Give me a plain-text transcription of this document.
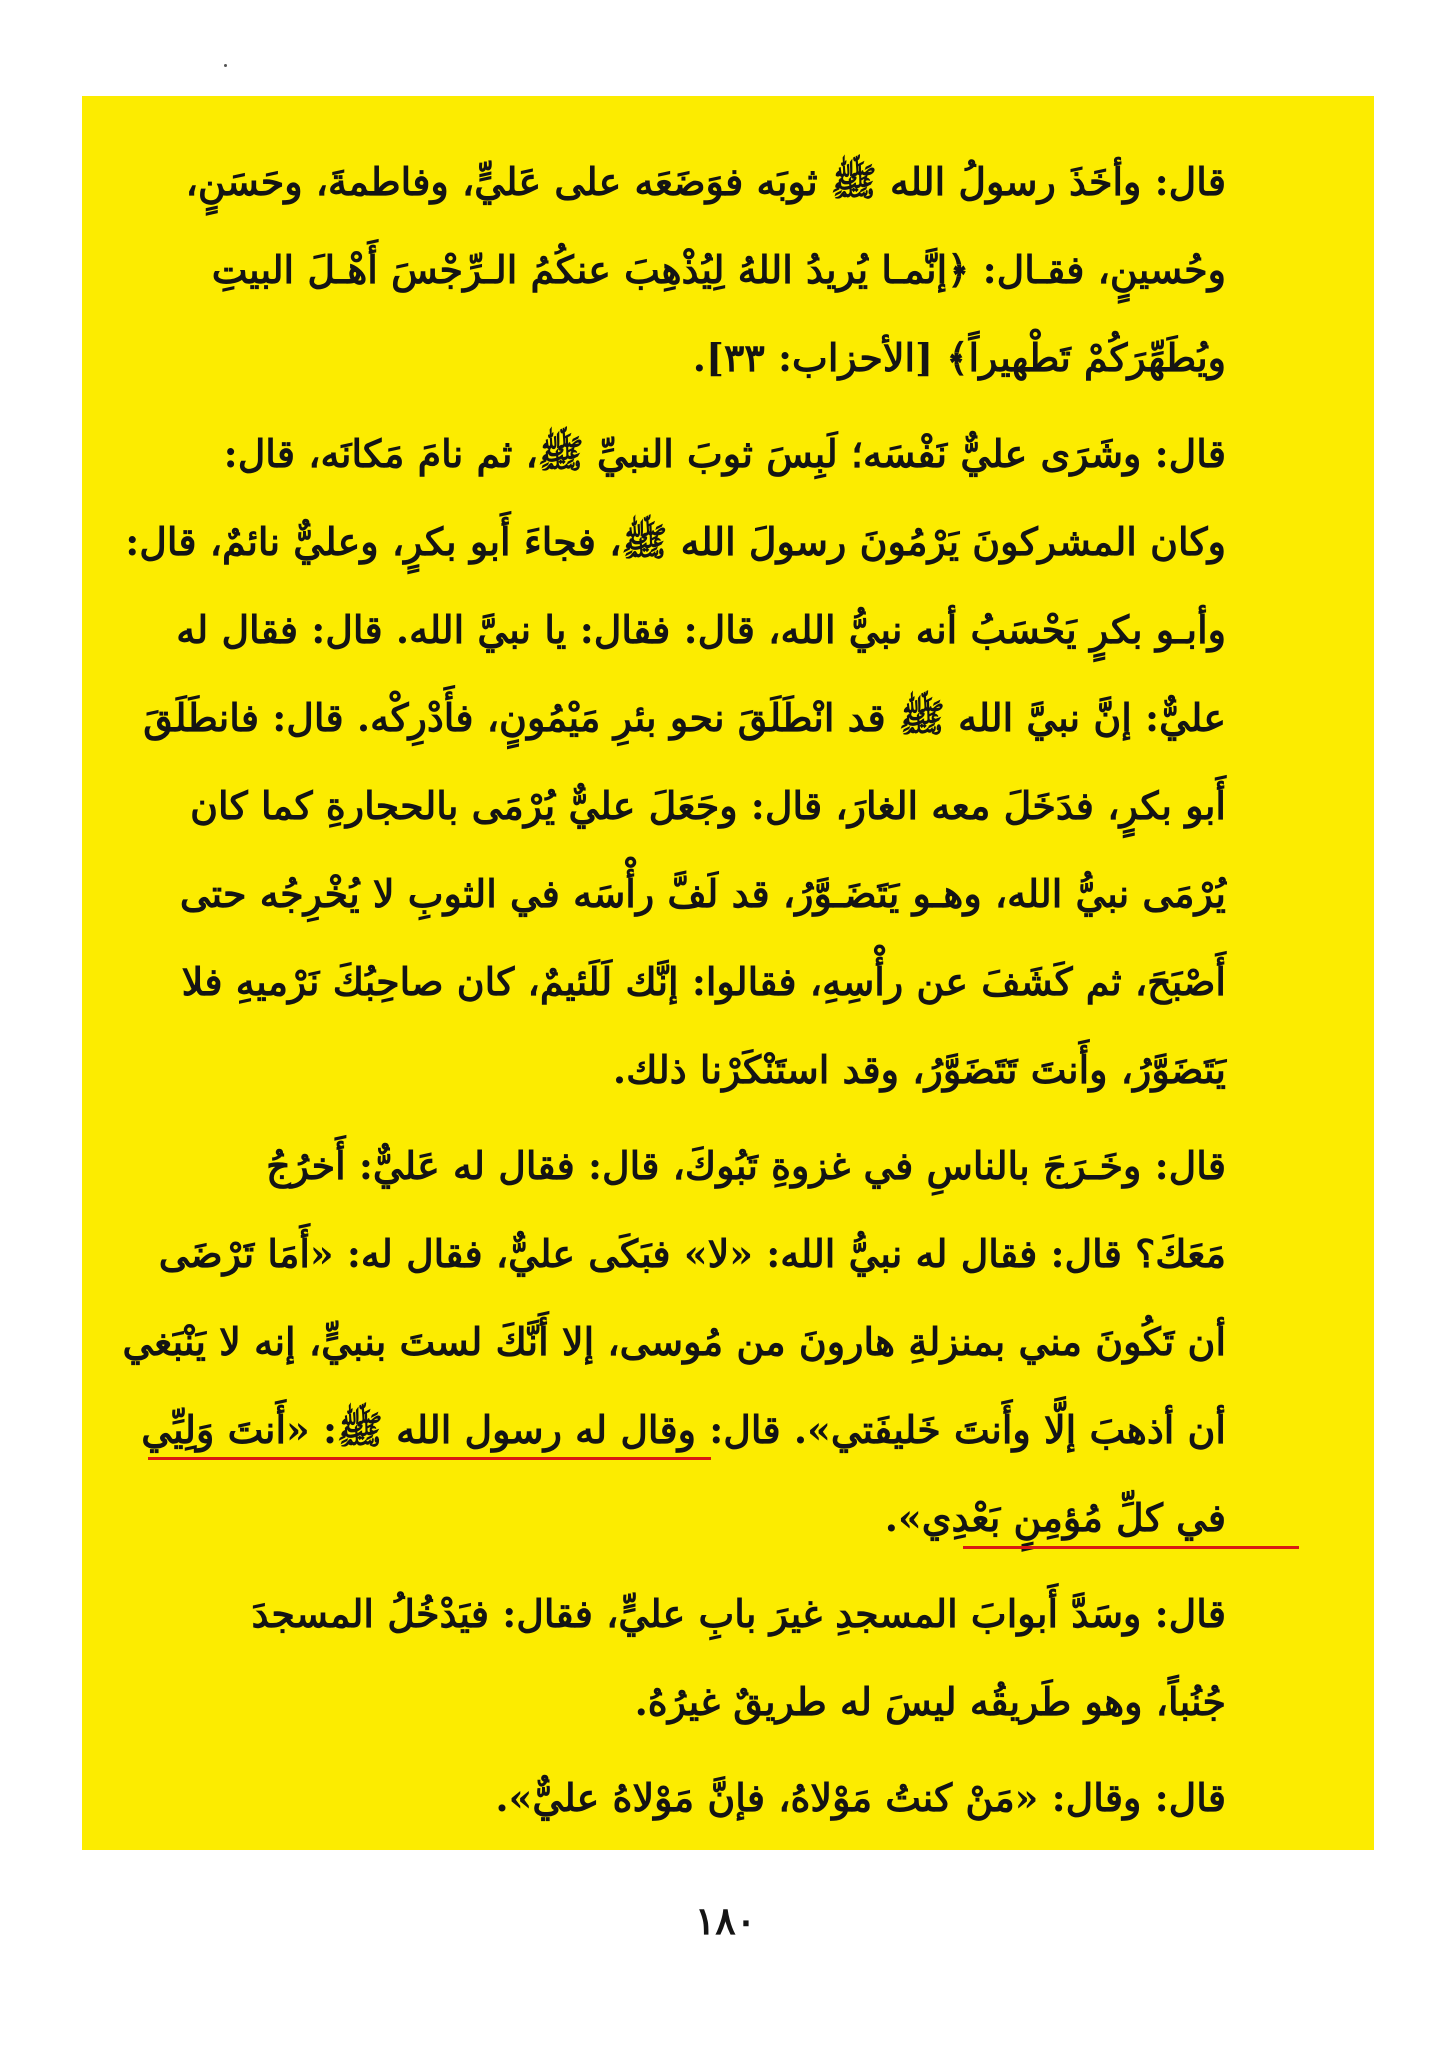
قال: وأخَذَ رسولُ الله ﷺ ثوبَه فوَضَعَه على عَليٍّ، وفاطمةَ، وحَسَنٍ،
وحُسينٍ، فقـال: ﴿إنَّمـا يُريدُ اللهُ لِيُذْهِبَ عنكُمُ الـرِّجْسَ أَهْـلَ البيتِ
ويُطَهِّرَكُمْ تَطْهيراً﴾ [الأحزاب: ٣٣].
قال: وشَرَى عليٌّ نَفْسَه؛ لَبِسَ ثوبَ النبيِّ ﷺ، ثم نامَ مَكانَه، قال:
وكان المشركونَ يَرْمُونَ رسولَ الله ﷺ، فجاءَ أَبو بكرٍ، وعليٌّ نائمٌ، قال:
وأبـو بكرٍ يَحْسَبُ أنه نبيُّ الله، قال: فقال: يا نبيَّ الله. قال: فقال له
عليٌّ: إنَّ نبيَّ الله ﷺ قد انْطَلَقَ نحو بئرِ مَيْمُونٍ، فأَدْرِكْه. قال: فانطَلَقَ
أَبو بكرٍ، فدَخَلَ معه الغارَ، قال: وجَعَلَ عليٌّ يُرْمَى بالحجارةِ كما كان
يُرْمَى نبيُّ الله، وهـو يَتَضَـوَّرُ، قد لَفَّ رأْسَه في الثوبِ لا يُخْرِجُه حتى
أَصْبَحَ، ثم كَشَفَ عن رأْسِهِ، فقالوا: إنَّك لَلَئيمٌ، كان صاحِبُكَ نَرْميهِ فلا
يَتَضَوَّرُ، وأَنتَ تَتَضَوَّرُ، وقد استَنْكَرْنا ذلك.
قال: وخَـرَجَ بالناسِ في غزوةِ تَبُوكَ، قال: فقال له عَليٌّ: أَخرُجُ
مَعَكَ؟ قال: فقال له نبيُّ الله: «لا» فبَكَى عليٌّ، فقال له: «أَمَا تَرْضَى
أن تَكُونَ مني بمنزلةِ هارونَ من مُوسى، إلا أَنَّكَ لستَ بنبيٍّ، إنه لا يَنْبَغي
أن أذهبَ إلَّا وأَنتَ خَليفَتي». قال: وقال له رسول الله ﷺ: «أَنتَ وَلِيِّي
في كلِّ مُؤمِنٍ بَعْدِي».
قال: وسَدَّ أَبوابَ المسجدِ غيرَ بابِ عليٍّ، فقال: فيَدْخُلُ المسجدَ
جُنُباً، وهو طَريقُه ليسَ له طريقٌ غيرُهُ.
قال: وقال: «مَنْ كنتُ مَوْلاهُ، فإنَّ مَوْلاهُ عليٌّ».
١٨٠
